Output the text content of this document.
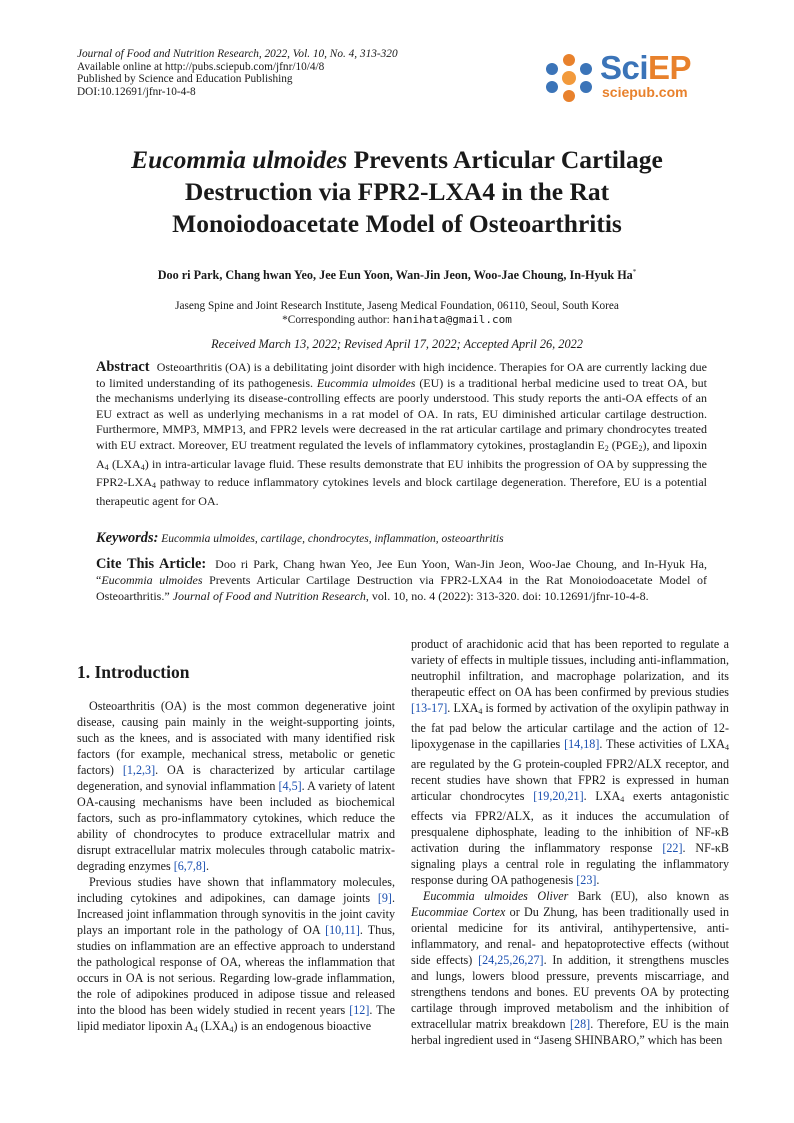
Journal of Food and Nutrition Research, 2022, Vol. 10, No. 4, 313-320
Available online at http://pubs.sciepub.com/jfnr/10/4/8
Published by Science and Education Publishing
DOI:10.12691/jfnr-10-4-8
SciEP
sciepub.com
Eucommia ulmoides Prevents Articular Cartilage
Destruction via FPR2-LXA4 in the Rat
Monoiodoacetate Model of Osteoarthritis
Doo ri Park, Chang hwan Yeo, Jee Eun Yoon, Wan-Jin Jeon, Woo-Jae Choung, In-Hyuk Ha*
Jaseng Spine and Joint Research Institute, Jaseng Medical Foundation, 06110, Seoul, South Korea
*Corresponding author: hanihata@gmail.com
Received March 13, 2022; Revised April 17, 2022; Accepted April 26, 2022
Abstract Osteoarthritis (OA) is a debilitating joint disorder with high incidence. Therapies for OA are currently lacking due to limited understanding of its pathogenesis. Eucommia ulmoides (EU) is a traditional herbal medicine used to treat OA, but the mechanisms underlying its disease-controlling effects are poorly understood. This study reports the anti-OA effects of an EU extract as well as underlying mechanisms in a rat model of OA. In rats, EU diminished articular cartilage destruction. Furthermore, MMP3, MMP13, and FPR2 levels were decreased in the rat articular cartilage and primary chondrocytes treated with EU extract. Moreover, EU treatment regulated the levels of inflammatory cytokines, prostaglandin $E_2$ $(PGE_2)$, and lipoxin $A_4$ $(LXA_4)$ in intra-articular lavage fluid. These results demonstrate that EU inhibits the progression of OA by suppressing the $FPR2-LXA_4$ pathway to reduce inflammatory cytokines levels and block cartilage degeneration. Therefore, EU is a potential therapeutic agent for OA.
Keywords: Eucommia ulmoides, cartilage, chondrocytes, inflammation, osteoarthritis
Cite This Article: Doo ri Park, Chang hwan Yeo, Jee Eun Yoon, Wan-Jin Jeon, Woo-Jae Choung, and In-Hyuk Ha, “Eucommia ulmoides Prevents Articular Cartilage Destruction via FPR2-LXA4 in the Rat Monoiodoacetate Model of Osteoarthritis.” Journal of Food and Nutrition Research, vol. 10, no. 4 (2022): 313-320. doi: 10.12691/jfnr-10-4-8.
1. Introduction

Osteoarthritis (OA) is the most common degenerative joint disease, causing pain mainly in the weight-supporting joints, such as the knees, and is associated with many identified risk factors (for example, mechanical stress, metabolic or genetic factors) [1,2,3]. OA is characterized by articular cartilage degeneration, and synovial inflammation [4,5]. A variety of latent OA-causing mechanisms have been included as biochemical factors, such as pro-inflammatory cytokines, which reduce the ability of chondrocytes to produce extracellular matrix and disrupt extracellular matrix molecules through catabolic matrix-degrading enzymes [6,7,8].

Previous studies have shown that inflammatory molecules, including cytokines and adipokines, can damage joints [9]. Increased joint inflammation through synovitis in the joint cavity plays an important role in the pathology of OA [10,11]. Thus, studies on inflammation are an effective approach to understand the pathological response of OA, whereas the inflammation that occurs in OA is not serious. Regarding low-grade inflammation, the role of adipokines produced in adipose tissue and released into the blood has been widely studied in recent years [12]. The lipid mediator lipoxin $A_4$ $(LXA_4)$ is an endogenous bioactive

product of arachidonic acid that has been reported to regulate a variety of effects in multiple tissues, including anti-inflammation, neutrophil infiltration, and macrophage polarization, and its therapeutic effect on OA has been confirmed by previous studies [13-17]. $LXA_4$ is formed by activation of the oxylipin pathway in the fat pad below the articular cartilage and the action of 12-lipoxygenase in the capillaries [14,18]. These activities of $LXA_4$ are regulated by the G protein-coupled FPR2/ALX receptor, and recent studies have shown that FPR2 is expressed in human articular chondrocytes [19,20,21]. $LXA_4$ exerts antagonistic effects via FPR2/ALX, as it induces the accumulation of presqualene diphosphate, leading to the inhibition of NF-κB activation during the inflammatory response [22]. NF-κB signaling plays a central role in regulating the inflammatory response during OA pathogenesis [23].

Eucommia ulmoides Oliver Bark (EU), also known as Eucommiae Cortex or Du Zhung, has been traditionally used in oriental medicine for its antiviral, antihypertensive, anti-inflammatory, and renal- and hepatoprotective effects (without side effects) [24,25,26,27]. In addition, it strengthens muscles and lungs, lowers blood pressure, prevents miscarriage, and strengthens tendons and bones. EU prevents OA by protecting cartilage through improved metabolism and the inhibition of extracellular matrix breakdown [28]. Therefore, EU is the main herbal ingredient used in “Jaseng SHINBARO,” which has been
